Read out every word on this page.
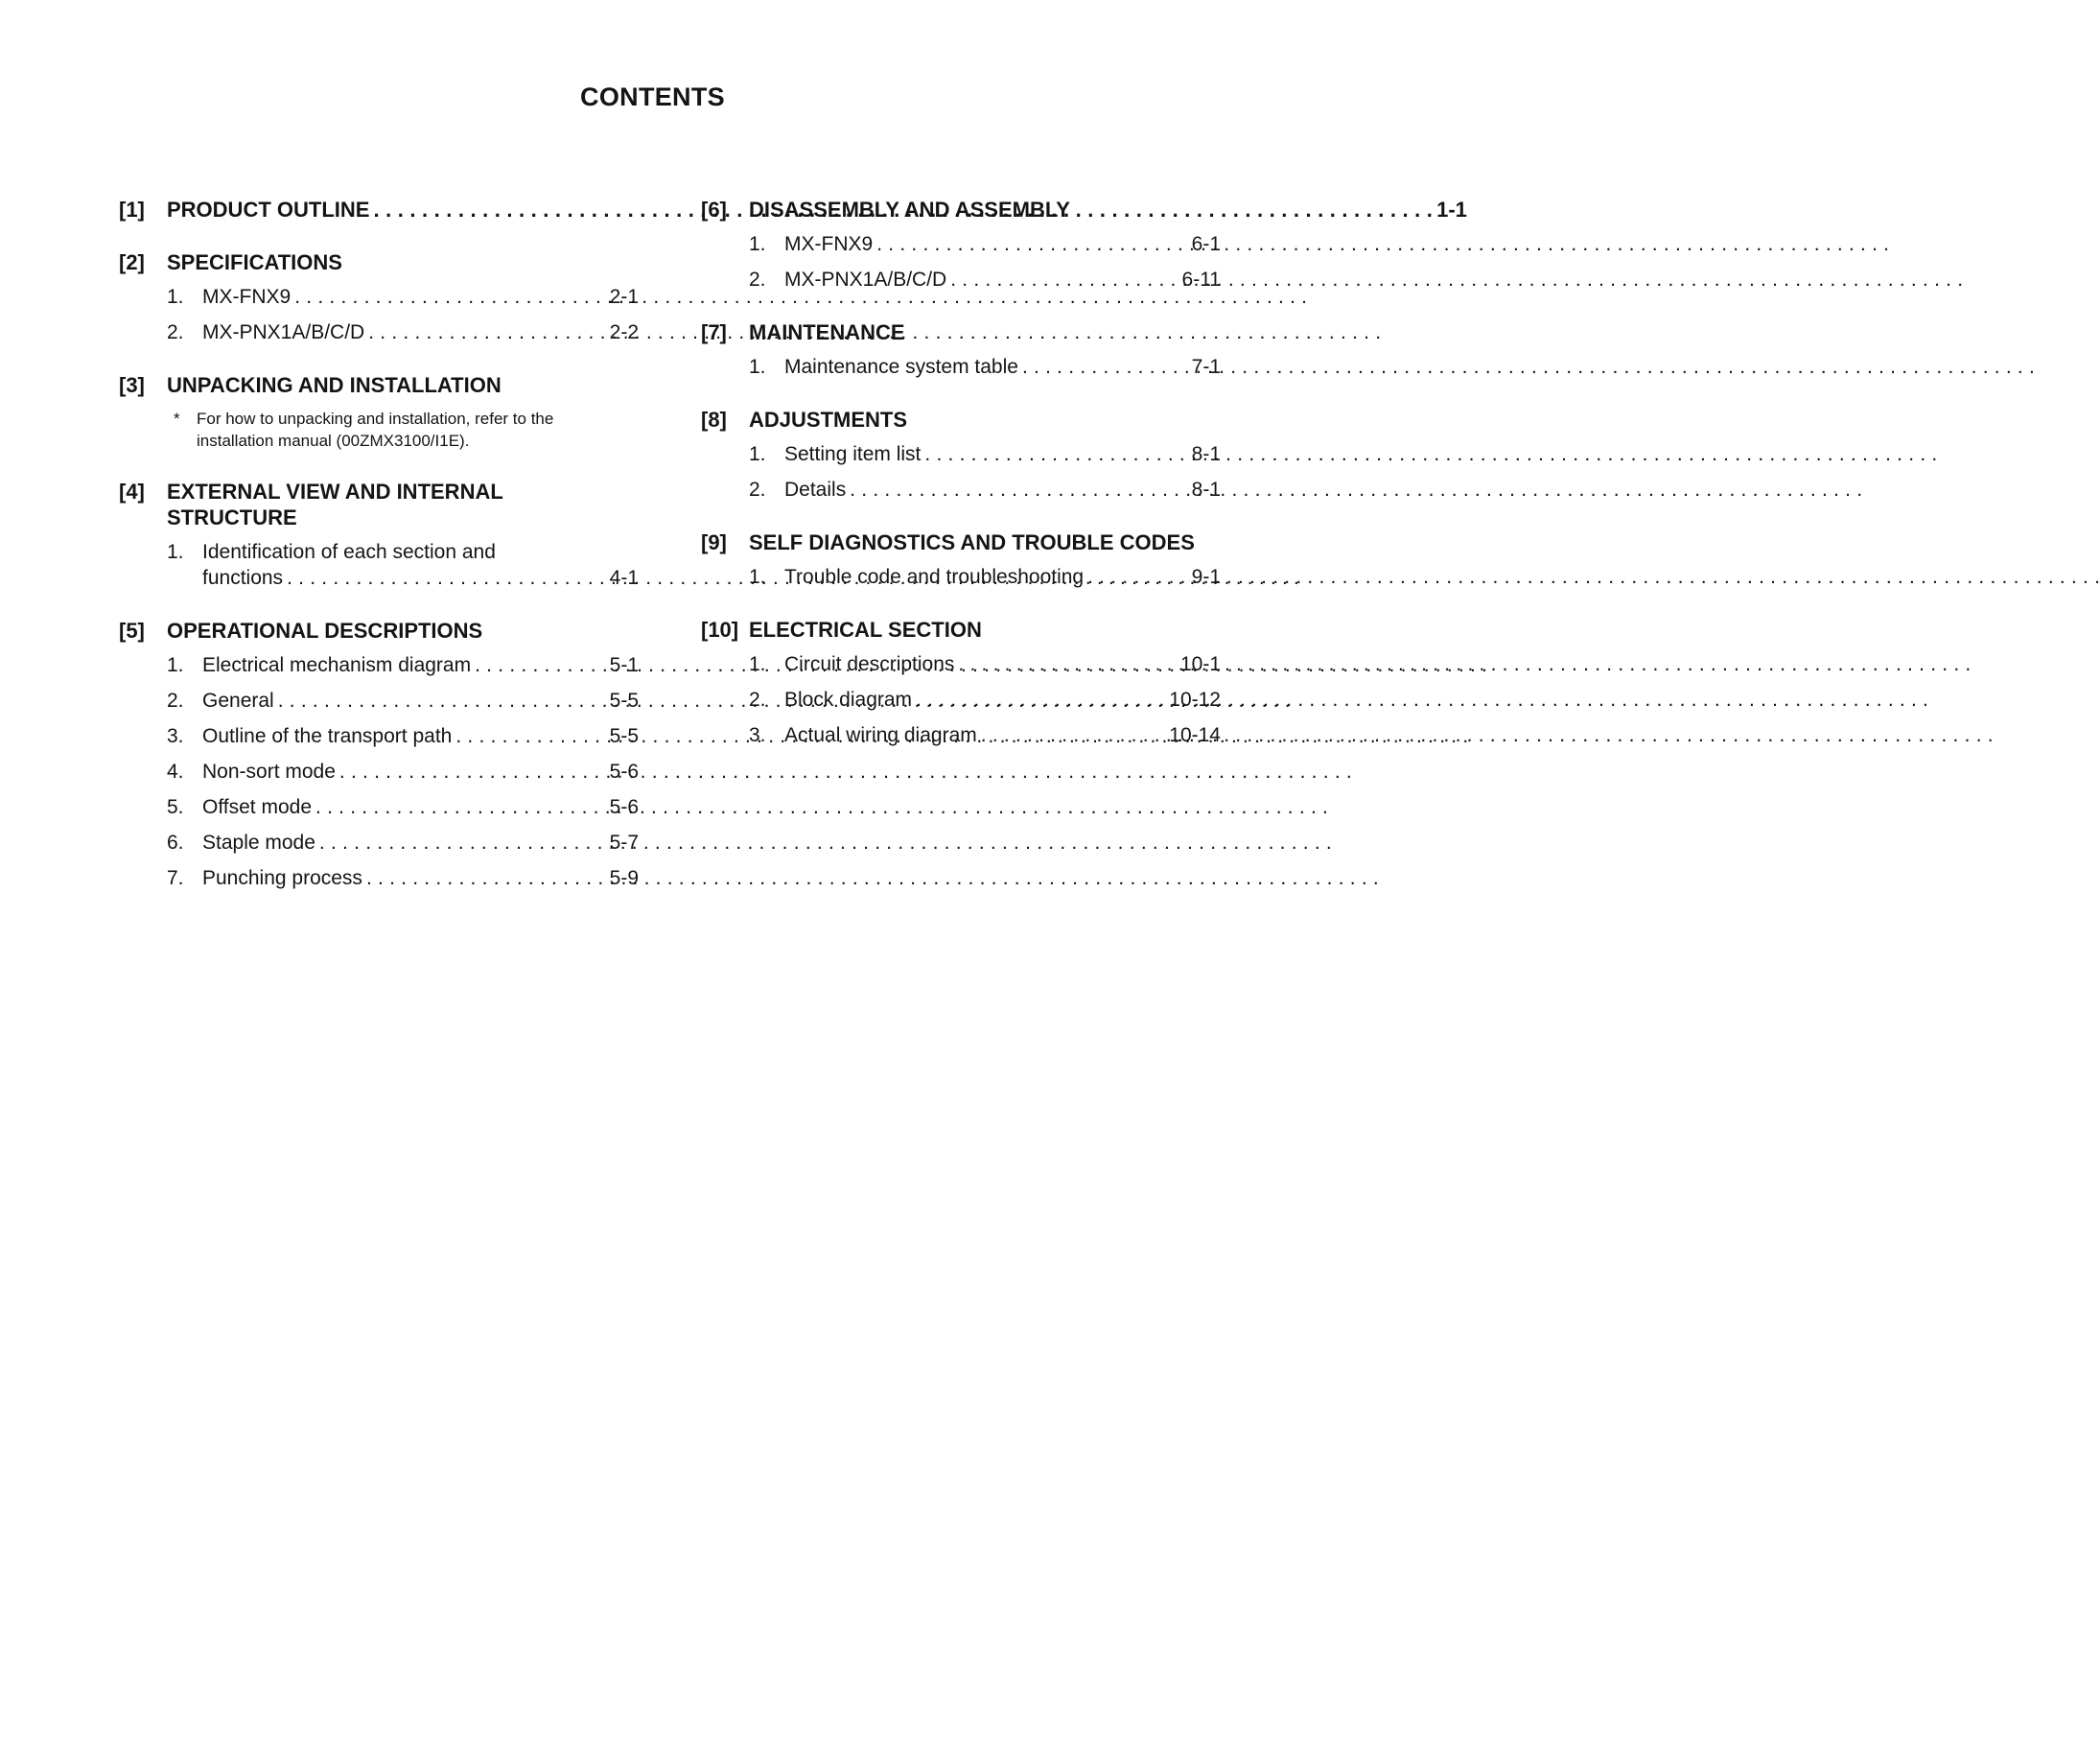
CONTENTS
[1]	PRODUCT OUTLINE . . .	1-1
[2]	SPECIFICATIONS
1. MX-FNX9 . . .	2-1
2. MX-PNX1A/B/C/D . . .	2-2
[3]	UNPACKING AND INSTALLATION
*	For how to unpacking and installation, refer to the installation manual (00ZMX3100/I1E).
[4]	EXTERNAL VIEW AND INTERNAL STRUCTURE
1. Identification of each section and
functions . . .	4-1
[5]	OPERATIONAL DESCRIPTIONS
1. Electrical mechanism diagram . . .	5-1
2. General . . .	5-5
3. Outline of the transport path . . .	5-5
4. Non-sort mode . . .	5-6
5. Offset mode . . .	5-6
6. Staple mode . . .	5-7
7. Punching process . . .	5-9
[6]	DISASSEMBLY AND ASSEMBLY
1. MX-FNX9 . . .	6-1
2. MX-PNX1A/B/C/D . . .	6-11
[7]	MAINTENANCE
1. Maintenance system table . . .	7-1
[8]	ADJUSTMENTS
1. Setting item list . . .	8-1
2. Details . . .	8-1
[9]	SELF DIAGNOSTICS AND TROUBLE CODES
1. Trouble code and troubleshooting . . .	9-1
[10] ELECTRICAL SECTION
1. Circuit descriptions . . .	10-1
2. Block diagram . . .	10-12
3. Actual wiring diagram . . .	10-14
